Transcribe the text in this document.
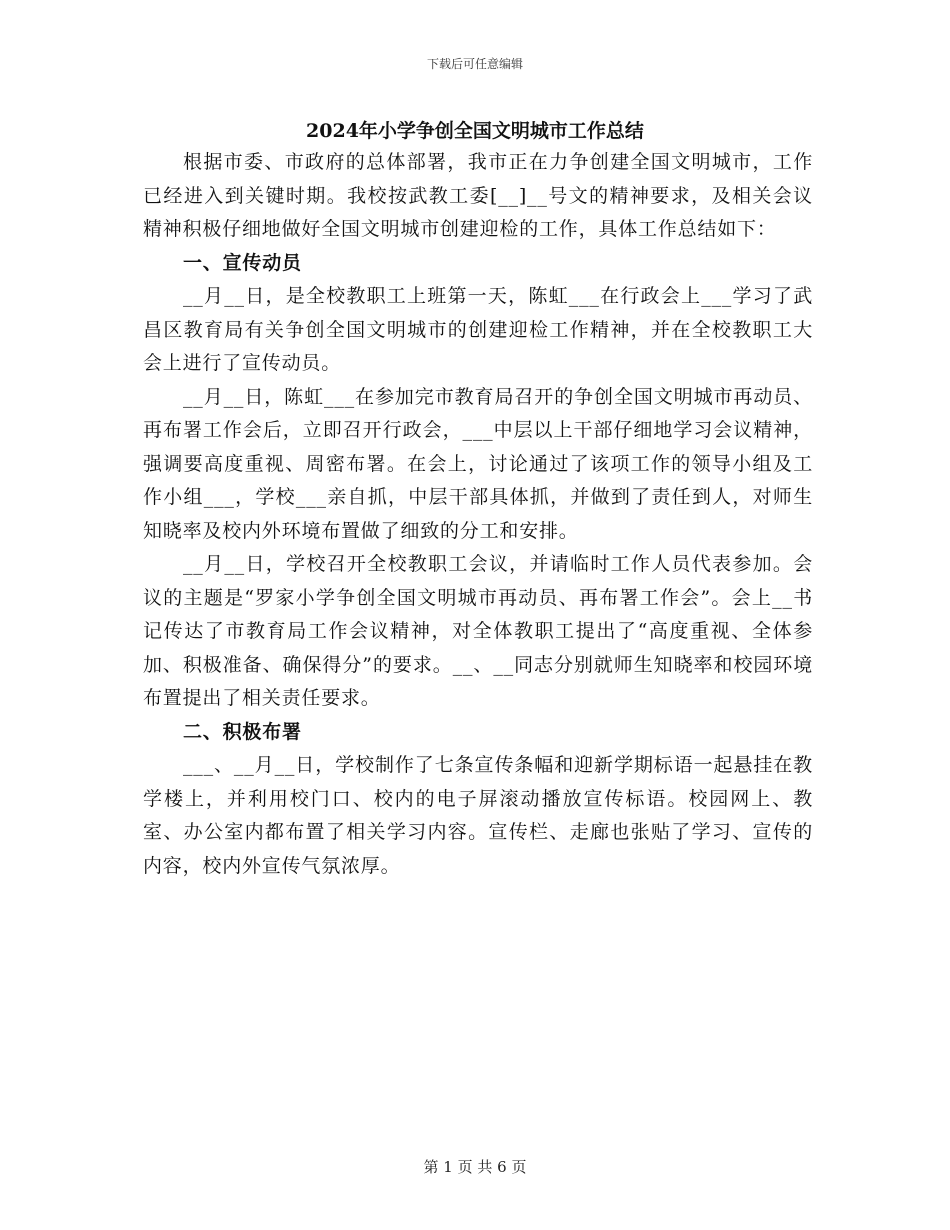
下载后可任意编辑
2024年小学争创全国文明城市工作总结

根据市委、市政府的总体部署，我市正在力争创建全国文明城市，工作已经进入到关键时期。我校按武教工委[__]__号文的精神要求，及相关会议精神积极仔细地做好全国文明城市创建迎检的工作，具体工作总结如下：

一、宣传动员

__月__日，是全校教职工上班第一天，陈虹___在行政会上___学习了武昌区教育局有关争创全国文明城市的创建迎检工作精神，并在全校教职工大会上进行了宣传动员。

__月__日，陈虹___在参加完市教育局召开的争创全国文明城市再动员、再布署工作会后，立即召开行政会，___中层以上干部仔细地学习会议精神，强调要高度重视、周密布署。在会上，讨论通过了该项工作的领导小组及工作小组___，学校___亲自抓，中层干部具体抓，并做到了责任到人，对师生知晓率及校内外环境布置做了细致的分工和安排。

__月__日，学校召开全校教职工会议，并请临时工作人员代表参加。会议的主题是“罗家小学争创全国文明城市再动员、再布署工作会”。会上__书记传达了市教育局工作会议精神，对全体教职工提出了“高度重视、全体参加、积极准备、确保得分”的要求。__、__同志分别就师生知晓率和校园环境布置提出了相关责任要求。

二、积极布署

___、__月__日，学校制作了七条宣传条幅和迎新学期标语一起悬挂在教学楼上，并利用校门口、校内的电子屏滚动播放宣传标语。校园网上、教室、办公室内都布置了相关学习内容。宣传栏、走廊也张贴了学习、宣传的内容，校内外宣传气氛浓厚。

第 1 页 共 6 页
